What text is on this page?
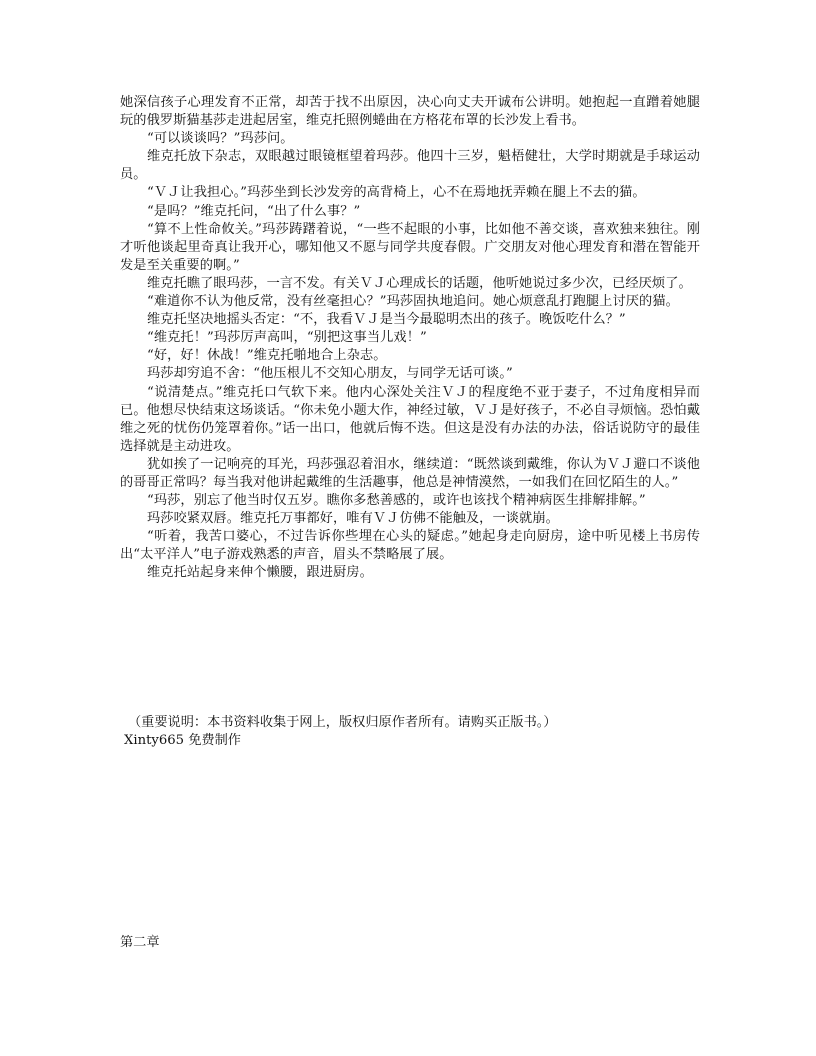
她深信孩子心理发育不正常，却苦于找不出原因，决心向丈夫开诚布公讲明。她抱起一直蹭着她腿玩的俄罗斯猫基莎走进起居室，维克托照例蜷曲在方格花布罩的长沙发上看书。

“可以谈谈吗？”玛莎问。

维克托放下杂志，双眼越过眼镜框望着玛莎。他四十三岁，魁梧健壮，大学时期就是手球运动员。

“ＶＪ让我担心。”玛莎坐到长沙发旁的高背椅上，心不在焉地抚弄赖在腿上不去的猫。

“是吗？”维克托问，“出了什么事？”

“算不上性命攸关。”玛莎踌躇着说，“一些不起眼的小事，比如他不善交谈，喜欢独来独往。刚才听他谈起里奇真让我开心，哪知他又不愿与同学共度春假。广交朋友对他心理发育和潜在智能开发是至关重要的啊。”

维克托瞧了眼玛莎，一言不发。有关ＶＪ心理成长的话题，他听她说过多少次，已经厌烦了。

“难道你不认为他反常，没有丝毫担心？”玛莎固执地追问。她心烦意乱打跑腿上讨厌的猫。

维克托坚决地摇头否定：“不，我看ＶＪ是当今最聪明杰出的孩子。晚饭吃什么？”

“维克托！”玛莎厉声高叫，“别把这事当儿戏！”

“好，好！休战！”维克托啪地合上杂志。

玛莎却穷追不舍：“他压根儿不交知心朋友，与同学无话可谈。”

“说清楚点。”维克托口气软下来。他内心深处关注ＶＪ的程度绝不亚于妻子，不过角度相异而已。他想尽快结束这场谈话。“你未免小题大作，神经过敏，ＶＪ是好孩子，不必自寻烦恼。恐怕戴维之死的忧伤仍笼罩着你。”话一出口，他就后悔不迭。但这是没有办法的办法，俗话说防守的最佳选择就是主动进攻。

犹如挨了一记响亮的耳光，玛莎强忍着泪水，继续道：“既然谈到戴维，你认为ＶＪ避口不谈他的哥哥正常吗？每当我对他讲起戴维的生活趣事，他总是神情漠然，一如我们在回忆陌生的人。”

“玛莎，别忘了他当时仅五岁。瞧你多愁善感的，或许也该找个精神病医生排解排解。”

玛莎咬紧双唇。维克托万事都好，唯有ＶＪ仿佛不能触及，一谈就崩。

“听着，我苦口婆心，不过告诉你些埋在心头的疑虑。”她起身走向厨房，途中听见楼上书房传出“太平洋人”电子游戏熟悉的声音，眉头不禁略展了展。

维克托站起身来伸个懒腰，跟进厨房。

（重要说明：本书资料收集于网上，版权归原作者所有。请购买正版书。）

Xinty665 免费制作

第二章
